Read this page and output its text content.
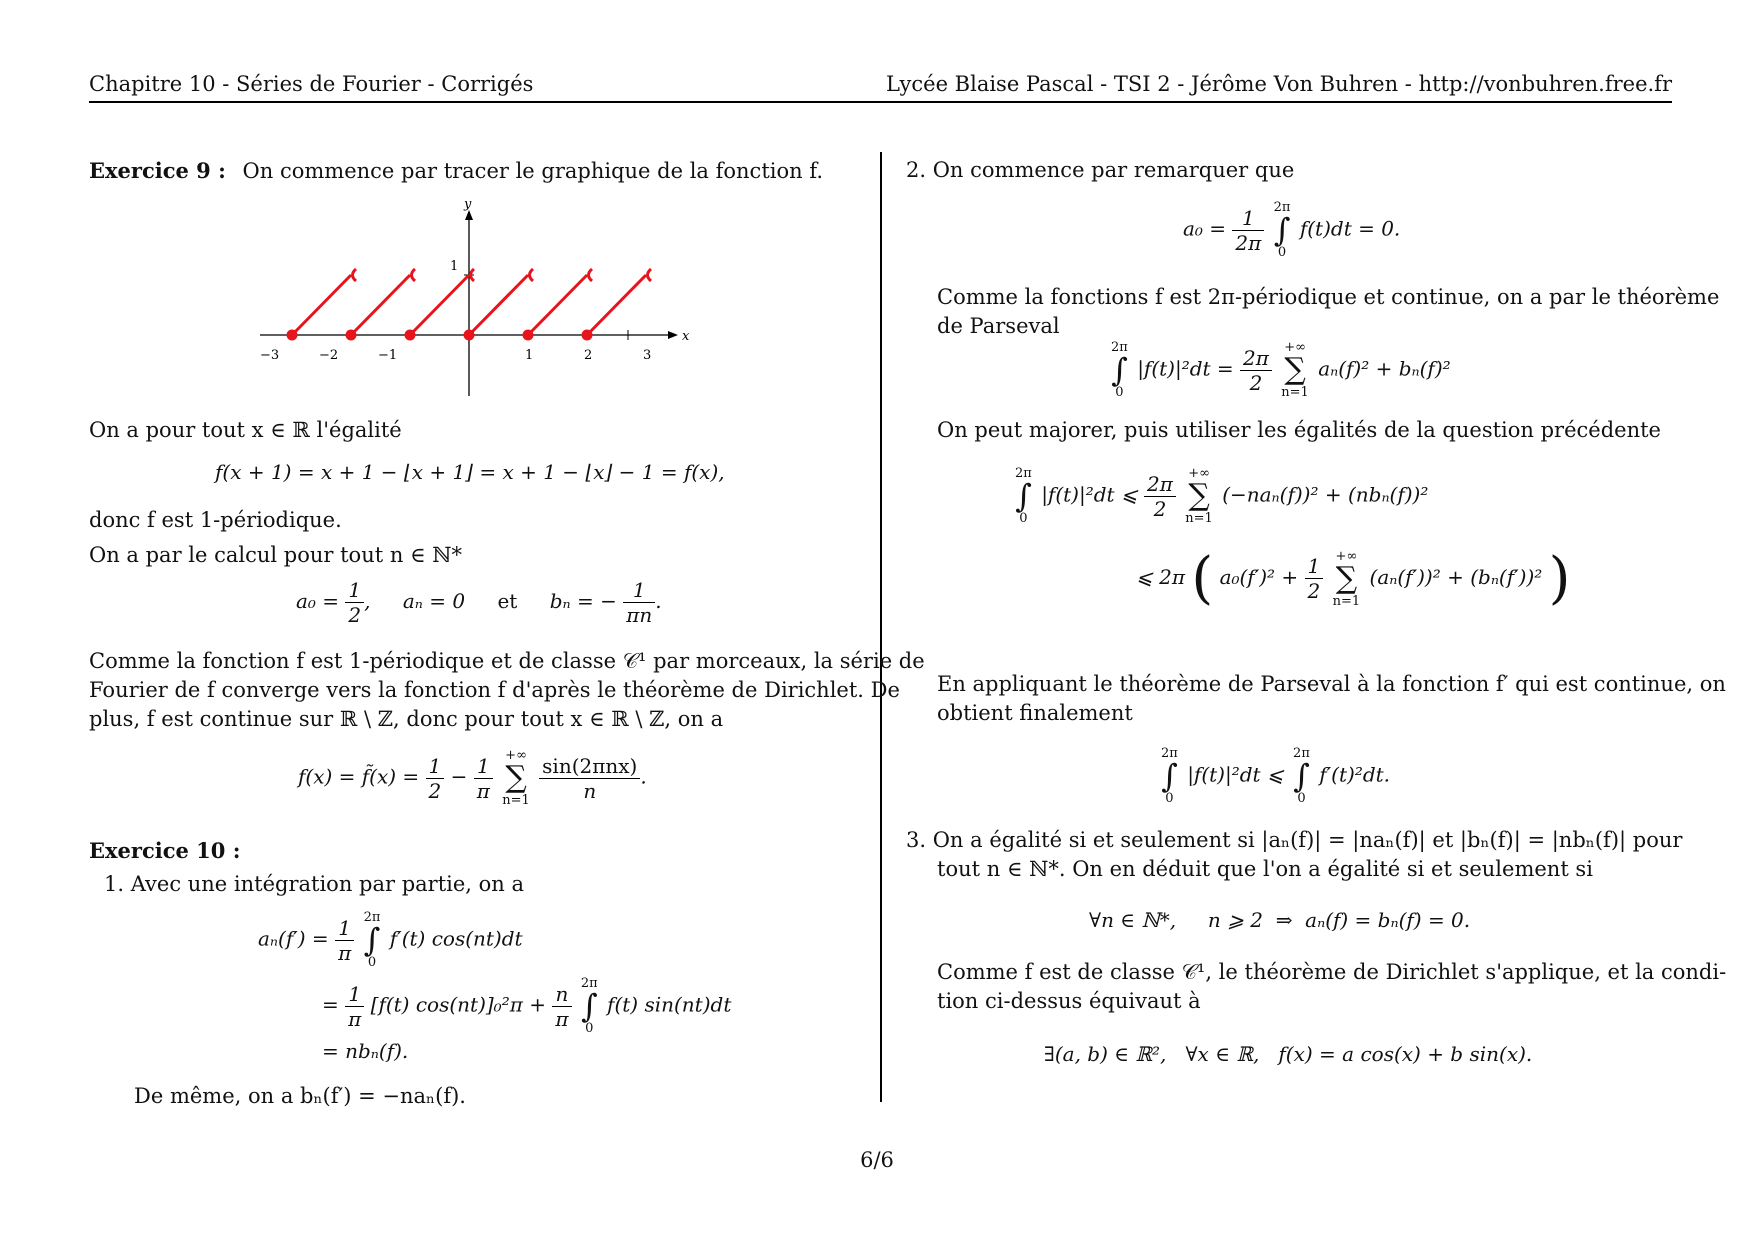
Chapitre 10 - Séries de Fourier - Corrigés	Lycée Blaise Pascal - TSI 2 - Jérôme Von Buhren - http://vonbuhren.free.fr
Exercice 9 : On commence par tracer le graphique de la fonction f.
x
y
1
−3	−2	−1	1	2	3
On a pour tout x ∈ ℝ l'égalité
f(x + 1) = x + 1 − ⌊x + 1⌋ = x + 1 − ⌊x⌋ − 1 = f(x),
donc f est 1-périodique.
On a par le calcul pour tout n ∈ ℕ*
$a_0 = \frac{1}{2}$ , aₙ = 0 et bₙ = − $\frac{1}{\pi n}$ .
Comme la fonction f est 1-périodique et de classe 𝒞¹ par morceaux, la série de
Fourier de f converge vers la fonction f d'après le théorème de Dirichlet. De
plus, f est continue sur ℝ \ ℤ, donc pour tout x ∈ ℝ \ ℤ, on a
f(x) = f̃(x) = $\frac{1}{2} - \frac{1}{\pi}$
+∞
∑
n=1
$\frac{\text{sin(2πnx)}}{n}$ .
Exercice 10 :
1. Avec une intégration par partie, on a
$a_n(f') = \frac{1}{\pi}$
2π
∫
0
f′(t) cos(nt)dt
= $\frac{1}{\pi} [f(t) \cos(nt)]_0^2\pi + \frac{n}{\pi}$
2π
∫
0
f(t) sin(nt)dt
= nbₙ(f).
De même, on a bₙ(f′) = −naₙ(f).
2. On commence par remarquer que
$a_0 = \frac{1}{2\pi}$
2π
∫
0
f(t)dt = 0.
Comme la fonctions f est 2π-périodique et continue, on a par le théorème
de Parseval
2π
∫
0
$|f(t)|^2dt = \frac{2\pi}{2}$
+∞
∑
n=1
aₙ(f)² + bₙ(f)²
On peut majorer, puis utiliser les égalités de la question précédente
2π
∫
0
|f(t)|²dt ⩽ $\frac{2\pi}{2}$
+∞
∑
n=1
(−naₙ(f))² + (nbₙ(f))²
⩽ 2π ( $a_0(f')^2 + \frac{1}{2}$
+∞
∑
n=1
(aₙ(f′))² + (bₙ(f′))² )
En appliquant le théorème de Parseval à la fonction f′ qui est continue, on
obtient finalement
2π
∫
0
|f(t)|²dt ⩽
2π
∫
0
f′(t)²dt.
3. On a égalité si et seulement si |aₙ(f)| = |naₙ(f)| et |bₙ(f)| = |nbₙ(f)| pour
tout n ∈ ℕ*. On en déduit que l'on a égalité si et seulement si
∀n ∈ ℕ*,     n ⩾ 2  ⇒  aₙ(f) = bₙ(f) = 0.
Comme f est de classe 𝒞¹, le théorème de Dirichlet s'applique, et la condi-
tion ci-dessus équivaut à
∃(a, b) ∈ ℝ²,   ∀x ∈ ℝ,   f(x) = a cos(x) + b sin(x).
6/6
